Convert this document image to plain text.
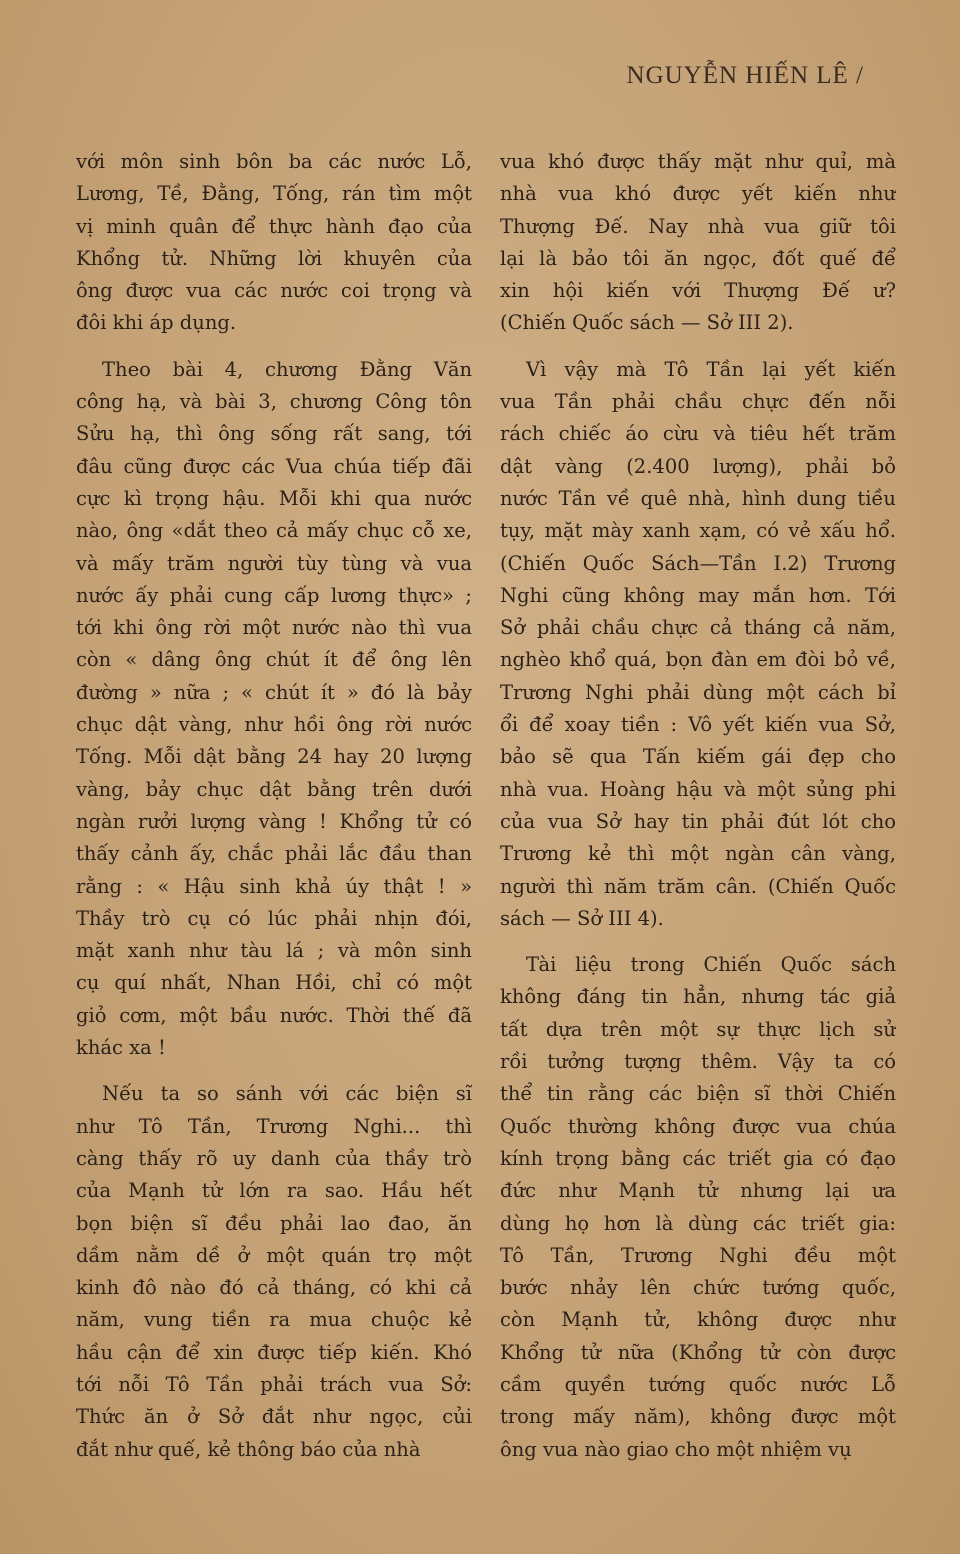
NGUYỄN HIẾN LÊ /

với môn sinh bôn ba các nước Lỗ,
Lương, Tề, Đằng, Tống, rán tìm một
vị minh quân để thực hành đạo của
Khổng tử. Những lời khuyên của
ông được vua các nước coi trọng và
đôi khi áp dụng.

Theo bài 4, chương Đằng Văn
công hạ, và bài 3, chương Công tôn
Sửu hạ, thì ông sống rất sang, tới
đâu cũng được các Vua chúa tiếp đãi
cực kì trọng hậu. Mỗi khi qua nước
nào, ông «dắt theo cả mấy chục cỗ xe,
và mấy trăm người tùy tùng và vua
nước ấy phải cung cấp lương thực» ;
tới khi ông rời một nước nào thì vua
còn « dâng ông chút ít để ông lên
đường » nữa ; « chút ít » đó là bảy
chục dật vàng, như hồi ông rời nước
Tống. Mỗi dật bằng 24 hay 20 lượng
vàng, bảy chục dật bằng trên dưới
ngàn rưởi lượng vàng ! Khổng tử có
thấy cảnh ấy, chắc phải lắc đầu than
rằng : « Hậu sinh khả úy thật ! »
Thầy trò cụ có lúc phải nhịn đói,
mặt xanh như tàu lá ; và môn sinh
cụ quí nhất, Nhan Hồi, chỉ có một
giỏ cơm, một bầu nước. Thời thế đã
khác xa !

Nếu ta so sánh với các biện sĩ
như Tô Tần, Trương Nghi... thì
càng thấy rõ uy danh của thầy trò
của Mạnh tử lớn ra sao. Hầu hết
bọn biện sĩ đều phải lao đao, ăn
dầm nằm dề ở một quán trọ một
kinh đô nào đó cả tháng, có khi cả
năm, vung tiền ra mua chuộc kẻ
hầu cận để xin được tiếp kiến. Khó
tới nỗi Tô Tần phải trách vua Sở:
Thức ăn ở Sở đắt như ngọc, củi
đắt như quế, kẻ thông báo của nhà

vua khó được thấy mặt như quỉ, mà
nhà vua khó được yết kiến như
Thượng Đế. Nay nhà vua giữ tôi
lại là bảo tôi ăn ngọc, đốt quế để
xin hội kiến với Thượng Đế ư?
(Chiến Quốc sách — Sở III 2).

Vì vậy mà Tô Tần lại yết kiến
vua Tần phải chầu chực đến nỗi
rách chiếc áo cừu và tiêu hết trăm
dật vàng (2.400 lượng), phải bỏ
nước Tần về quê nhà, hình dung tiều
tụy, mặt mày xanh xạm, có vẻ xấu hổ.
(Chiến Quốc Sách—Tần I.2) Trương
Nghi cũng không may mắn hơn. Tới
Sở phải chầu chực cả tháng cả năm,
nghèo khổ quá, bọn đàn em đòi bỏ về,
Trương Nghi phải dùng một cách bỉ
ổi để xoay tiền : Vô yết kiến vua Sở,
bảo sẽ qua Tấn kiếm gái đẹp cho
nhà vua. Hoàng hậu và một sủng phi
của vua Sở hay tin phải đút lót cho
Trương kẻ thì một ngàn cân vàng,
người thì năm trăm cân. (Chiến Quốc
sách — Sở III 4).

Tài liệu trong Chiến Quốc sách
không đáng tin hẳn, nhưng tác giả
tất dựa trên một sự thực lịch sử
rồi tưởng tượng thêm. Vậy ta có
thể tin rằng các biện sĩ thời Chiến
Quốc thường không được vua chúa
kính trọng bằng các triết gia có đạo
đức như Mạnh tử nhưng lại ưa
dùng họ hơn là dùng các triết gia:
Tô Tần, Trương Nghi đều một
bước nhảy lên chức tướng quốc,
còn Mạnh tử, không được như
Khổng tử nữa (Khổng tử còn được
cầm quyền tướng quốc nước Lỗ
trong mấy năm), không được một
ông vua nào giao cho một nhiệm vụ
